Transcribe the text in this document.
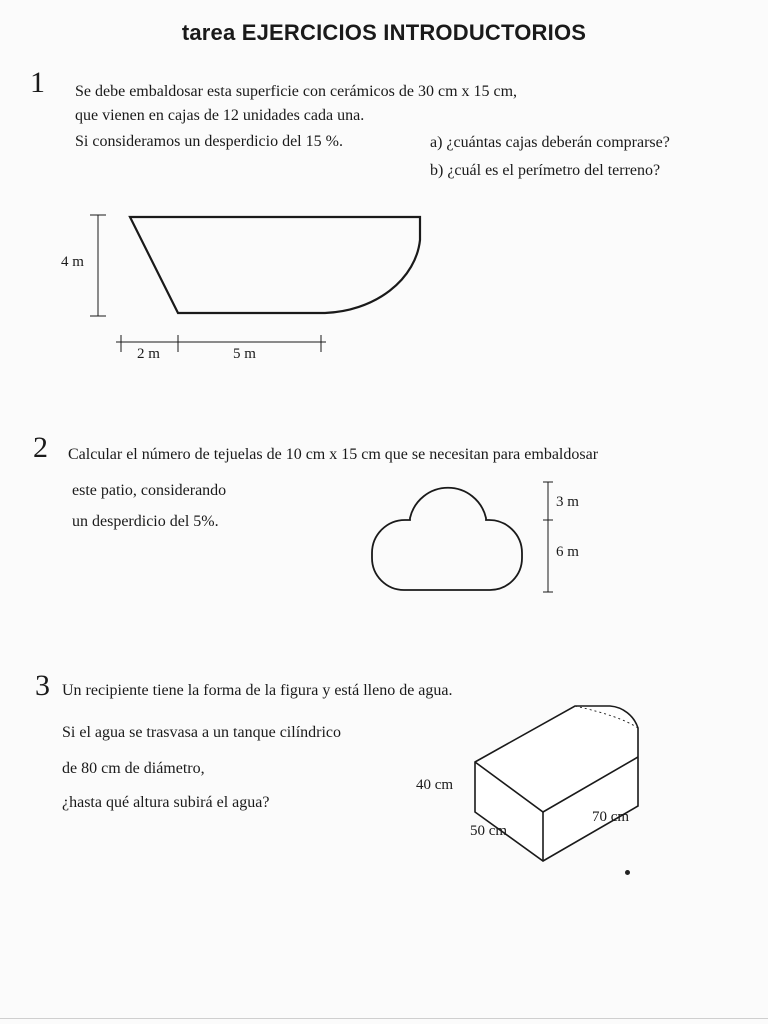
tarea EJERCICIOS INTRODUCTORIOS
1 Se debe embaldosar esta superficie con cerámicos de 30 cm x 15 cm,
que vienen en cajas de 12 unidades cada una.
Si consideramos un desperdicio del 15 %.	a) ¿cuántas cajas deberán comprarse?
b) ¿cuál es el perímetro del terreno?
4 m
2 m	5 m
2 Calcular el número de tejuelas de 10 cm x 15 cm que se necesitan para embaldosar
este patio, considerando
un desperdicio del 5%.
3 m
6 m
3 Un recipiente tiene la forma de la figura y está lleno de agua.
Si el agua se trasvasa a un tanque cilíndrico
de 80 cm de diámetro,
¿hasta qué altura subirá el agua?
40 cm
50 cm
70 cm
